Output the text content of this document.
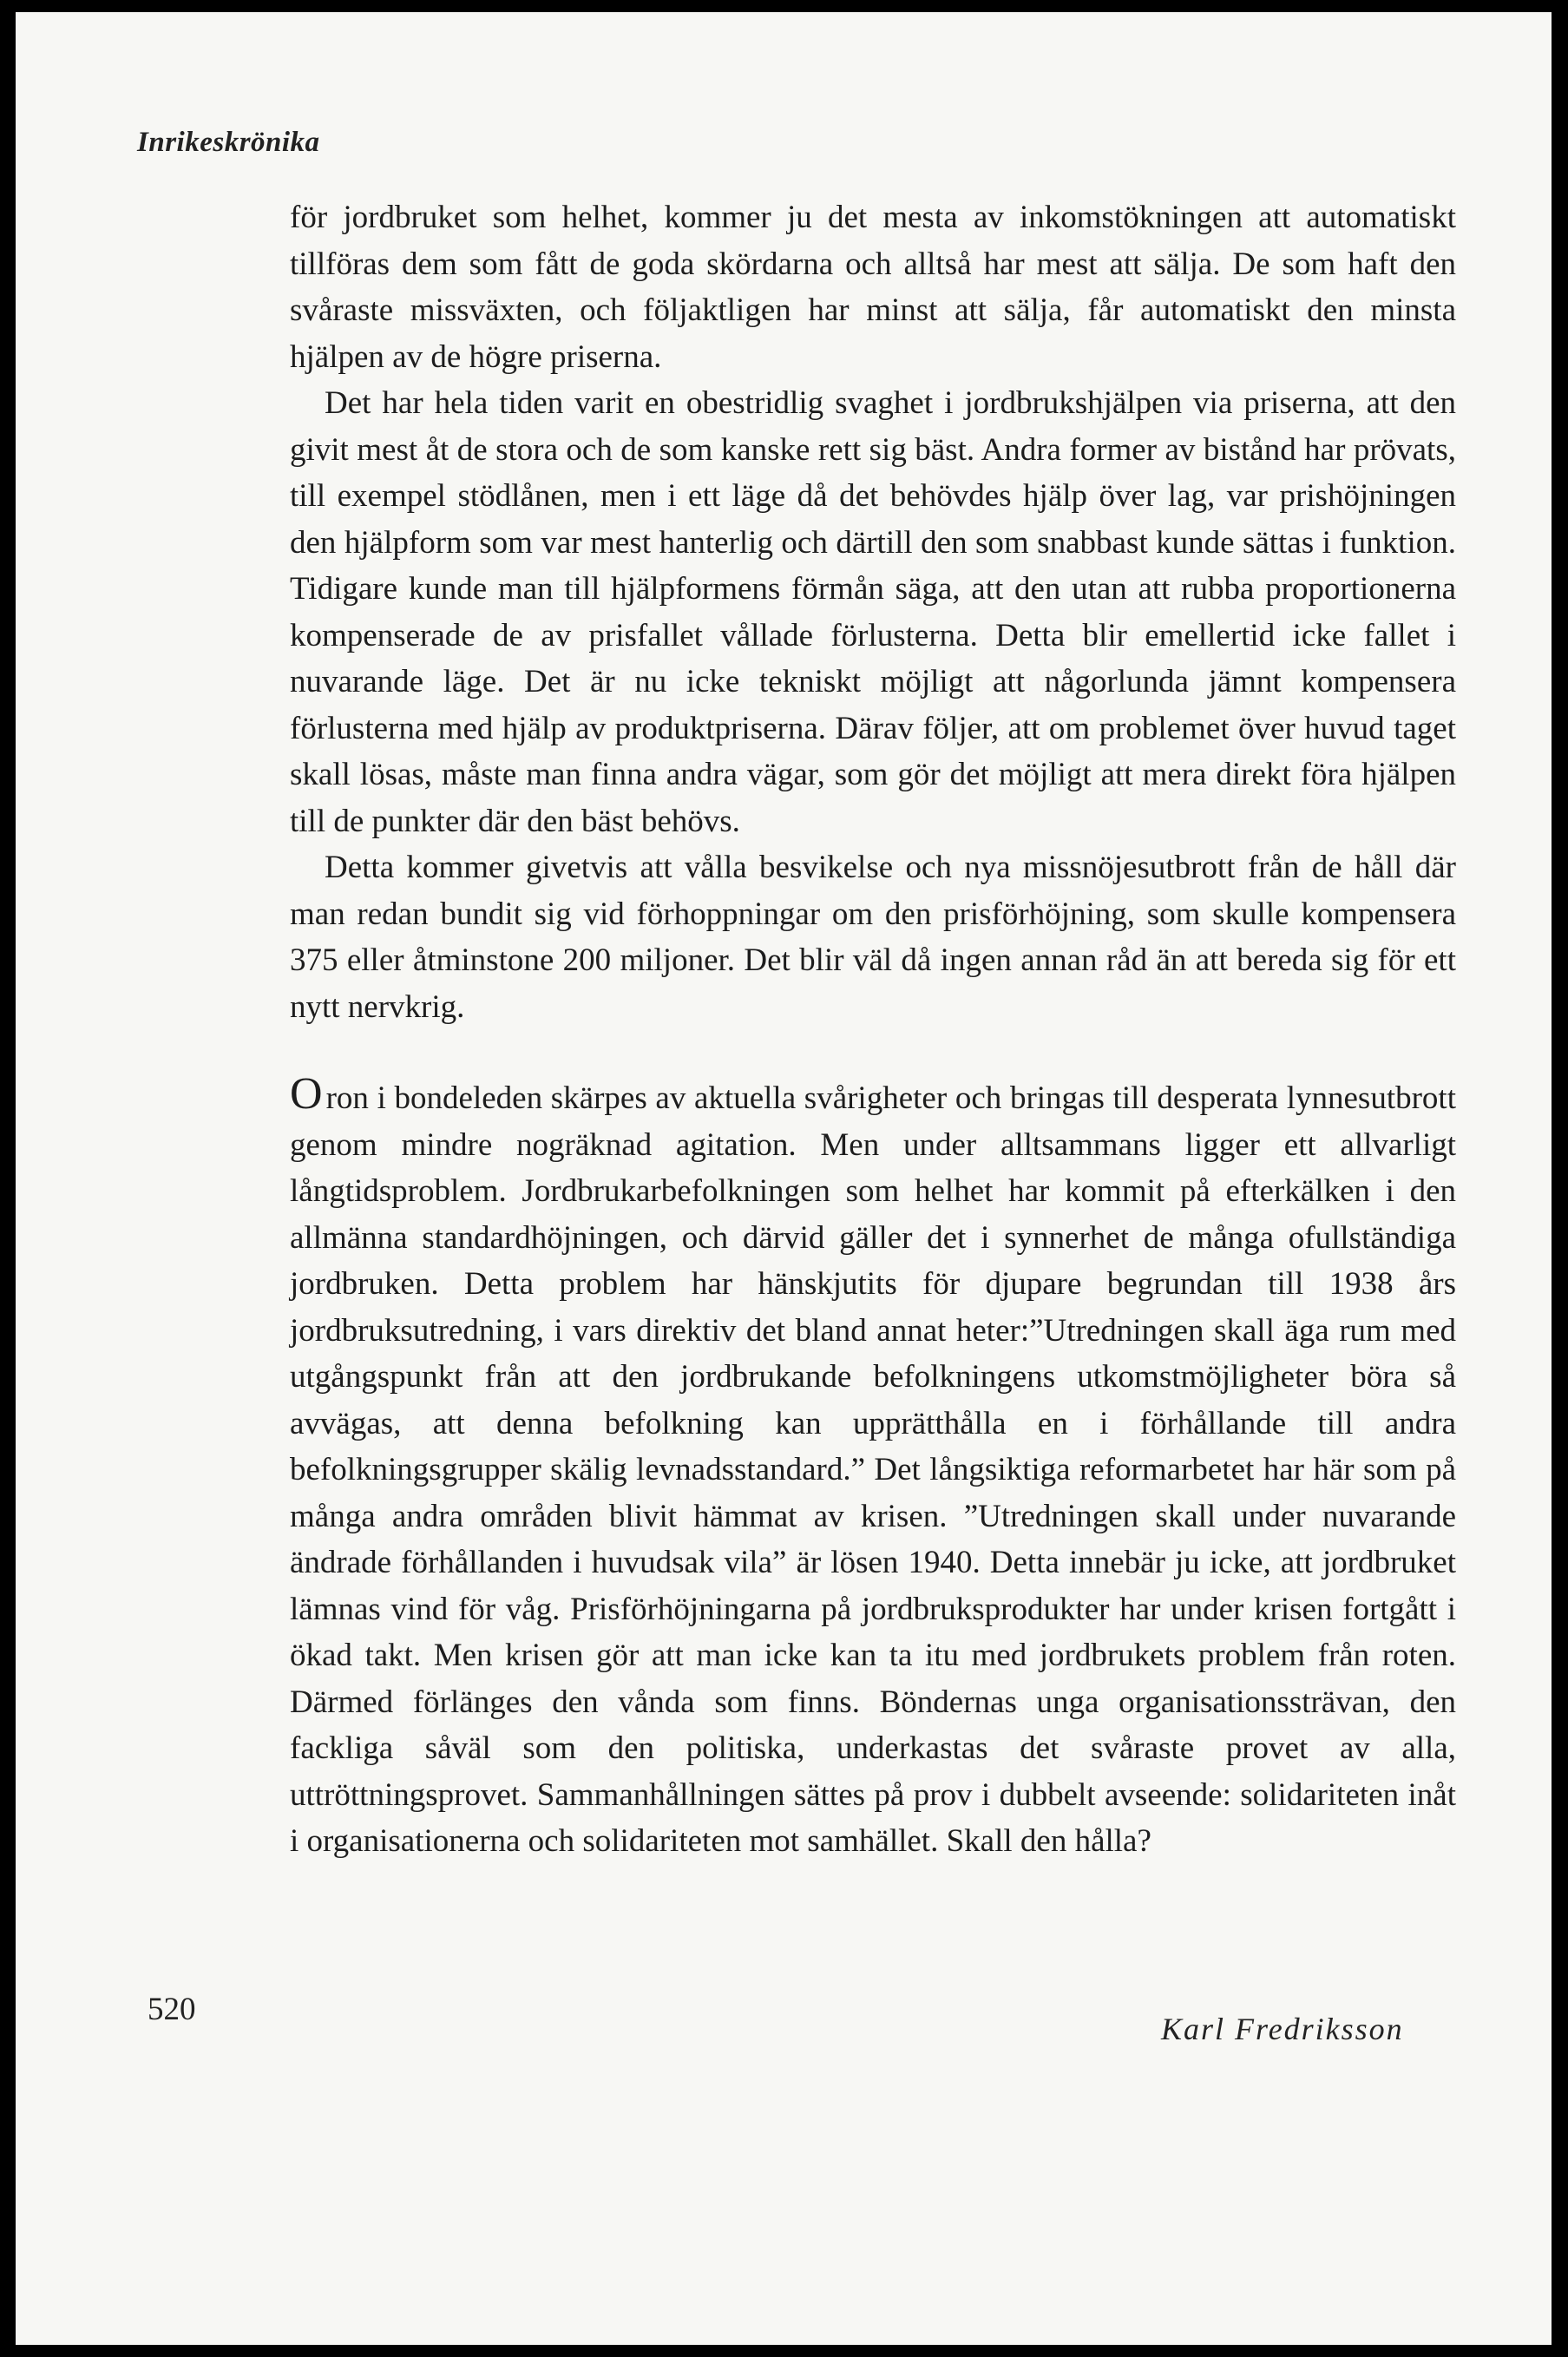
Inrikeskrönika

för jordbruket som helhet, kommer ju det mesta av inkomstökningen att automatiskt tillföras dem som fått de goda skördarna och alltså har mest att sälja. De som haft den svåraste missväxten, och följaktligen har minst att sälja, får automatiskt den minsta hjälpen av de högre priserna.

Det har hela tiden varit en obestridlig svaghet i jordbrukshjälpen via priserna, att den givit mest åt de stora och de som kanske rett sig bäst. Andra former av bistånd har prövats, till exempel stödlånen, men i ett läge då det behövdes hjälp över lag, var prishöjningen den hjälpform som var mest hanterlig och därtill den som snabbast kunde sättas i funktion. Tidigare kunde man till hjälpformens förmån säga, att den utan att rubba proportionerna kompenserade de av prisfallet vållade förlusterna. Detta blir emellertid icke fallet i nuvarande läge. Det är nu icke tekniskt möjligt att någorlunda jämnt kompensera förlusterna med hjälp av produktpriserna. Därav följer, att om problemet över huvud taget skall lösas, måste man finna andra vägar, som gör det möjligt att mera direkt föra hjälpen till de punkter där den bäst behövs.

Detta kommer givetvis att vålla besvikelse och nya missnöjesutbrott från de håll där man redan bundit sig vid förhoppningar om den prisförhöjning, som skulle kompensera 375 eller åtminstone 200 miljoner. Det blir väl då ingen annan råd än att bereda sig för ett nytt nervkrig.

O ron i bondeleden skärpes av aktuella svårigheter och bringas till desperata lynnesutbrott genom mindre nogräknad agitation. Men under alltsammans ligger ett allvarligt långtidsproblem. Jordbrukarbefolkningen som helhet har kommit på efterkälken i den allmänna standardhöjningen, och därvid gäller det i synnerhet de många ofullständiga jordbruken. Detta problem har hänskjutits för djupare begrundan till 1938 års jordbruksutredning, i vars direktiv det bland annat heter:”Utredningen skall äga rum med utgångspunkt från att den jordbrukande befolkningens utkomstmöjligheter böra så avvägas, att denna befolkning kan upprätthålla en i förhållande till andra befolkningsgrupper skälig levnadsstandard.” Det långsiktiga reformarbetet har här som på många andra områden blivit hämmat av krisen. ”Utredningen skall under nuvarande ändrade förhållanden i huvudsak vila” är lösen 1940. Detta innebär ju icke, att jordbruket lämnas vind för våg. Prisförhöjningarna på jordbruksprodukter har under krisen fortgått i ökad takt. Men krisen gör att man icke kan ta itu med jordbrukets problem från roten. Därmed förlänges den vånda som finns. Böndernas unga organisationssträvan, den fackliga såväl som den politiska, underkastas det svåraste provet av alla, uttröttningsprovet. Sammanhållningen sättes på prov i dubbelt avseende: solidariteten inåt i organisationerna och solidariteten mot samhället. Skall den hålla?

520

Karl Fredriksson
